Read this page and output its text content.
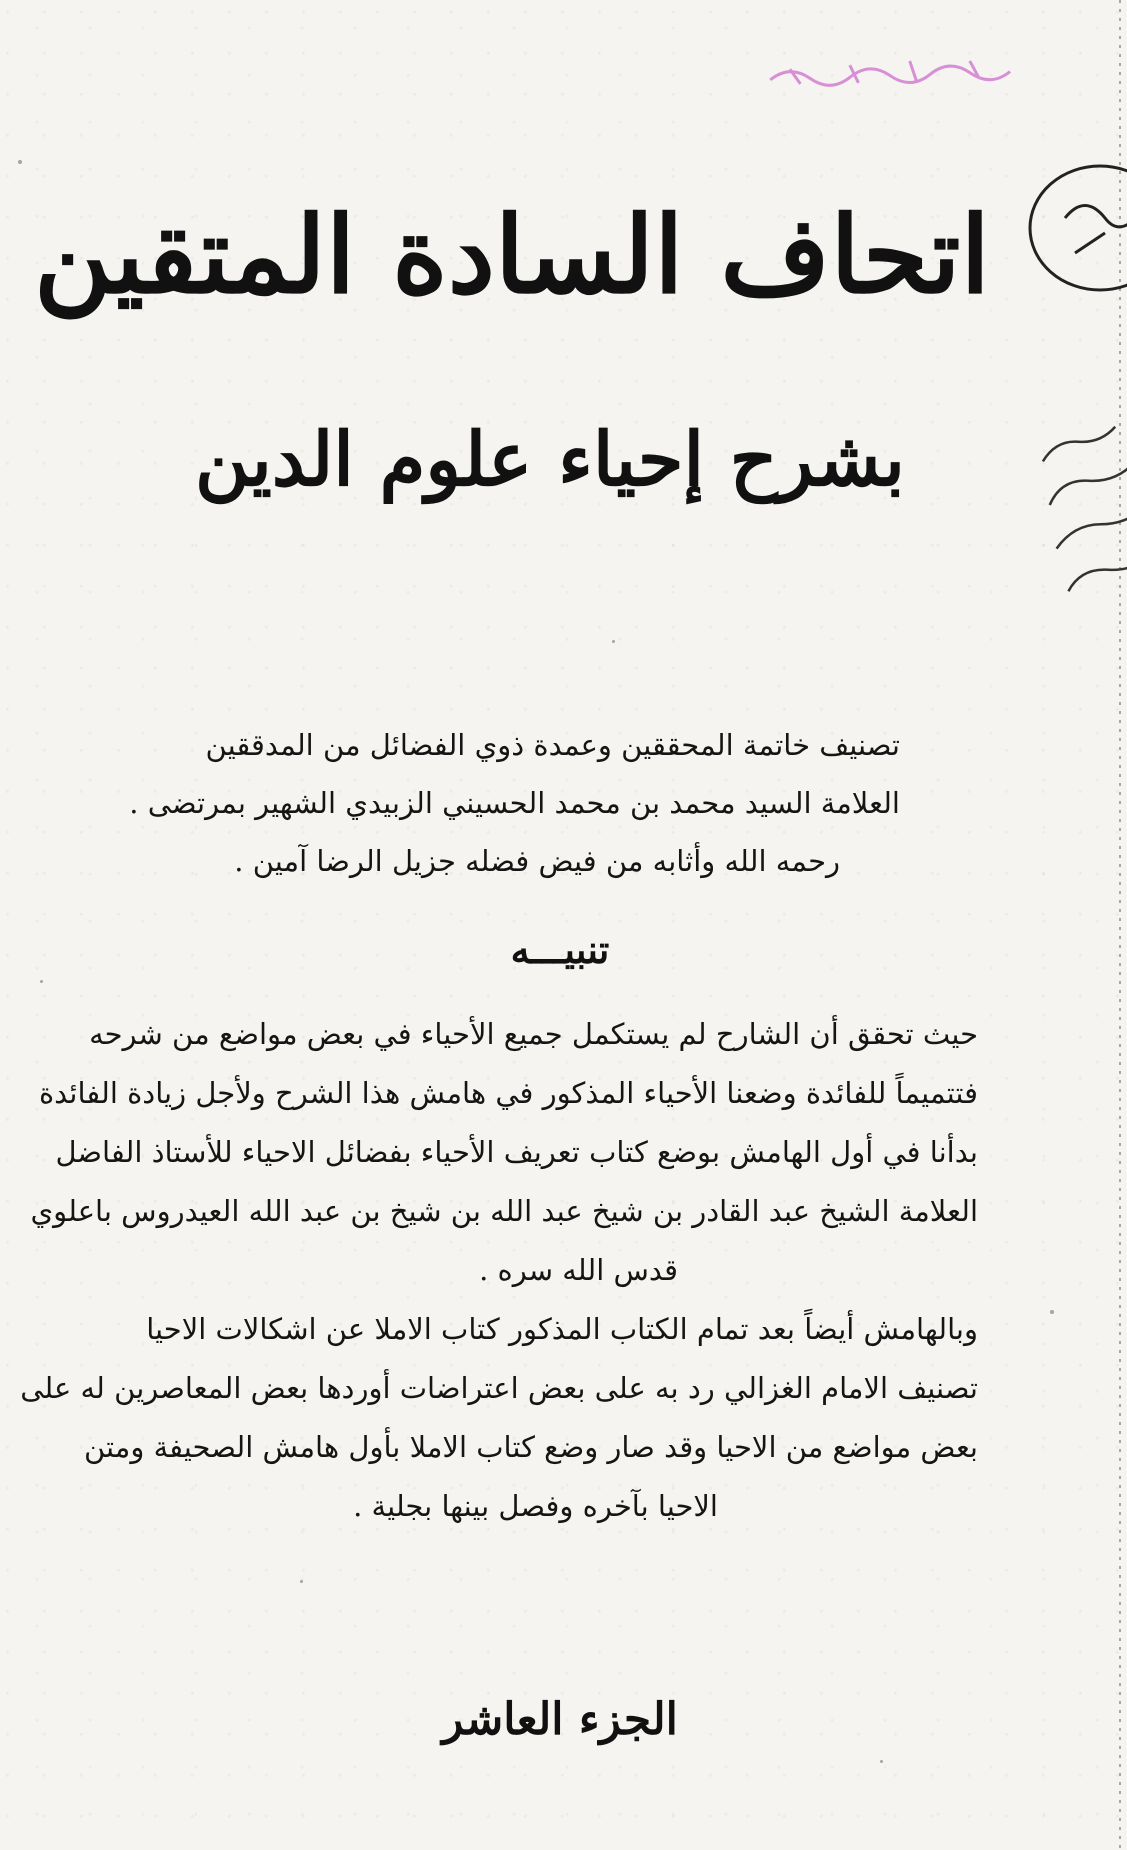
اتحاف السادة المتقين
بشرح إحياء علوم الدين
تصنيف خاتمة المحققين وعمدة ذوي الفضائل من المدققين
العلامة السيد محمد بن محمد الحسيني الزبيدي الشهير بمرتضى .
رحمه الله وأثابه من فيض فضله جزيل الرضا آمين .
تنبيـــه
حيث تحقق أن الشارح لم يستكمل جميع الأحياء في بعض مواضع من شرحه
فتتميماً للفائدة وضعنا الأحياء المذكور في هامش هذا الشرح ولأجل زيادة الفائدة
بدأنا في أول الهامش بوضع كتاب تعريف الأحياء بفضائل الاحياء للأستاذ الفاضل
العلامة الشيخ عبد القادر بن شيخ عبد الله بن شيخ بن عبد الله العيدروس باعلوي
قدس الله سره .
وبالهامش أيضاً بعد تمام الكتاب المذكور كتاب الاملا عن اشكالات الاحيا
تصنيف الامام الغزالي رد به على بعض اعتراضات أوردها بعض المعاصرين له على
بعض مواضع من الاحيا وقد صار وضع كتاب الاملا بأول هامش الصحيفة ومتن
الاحيا بآخره وفصل بينها بجلية .
الجزء العاشر
